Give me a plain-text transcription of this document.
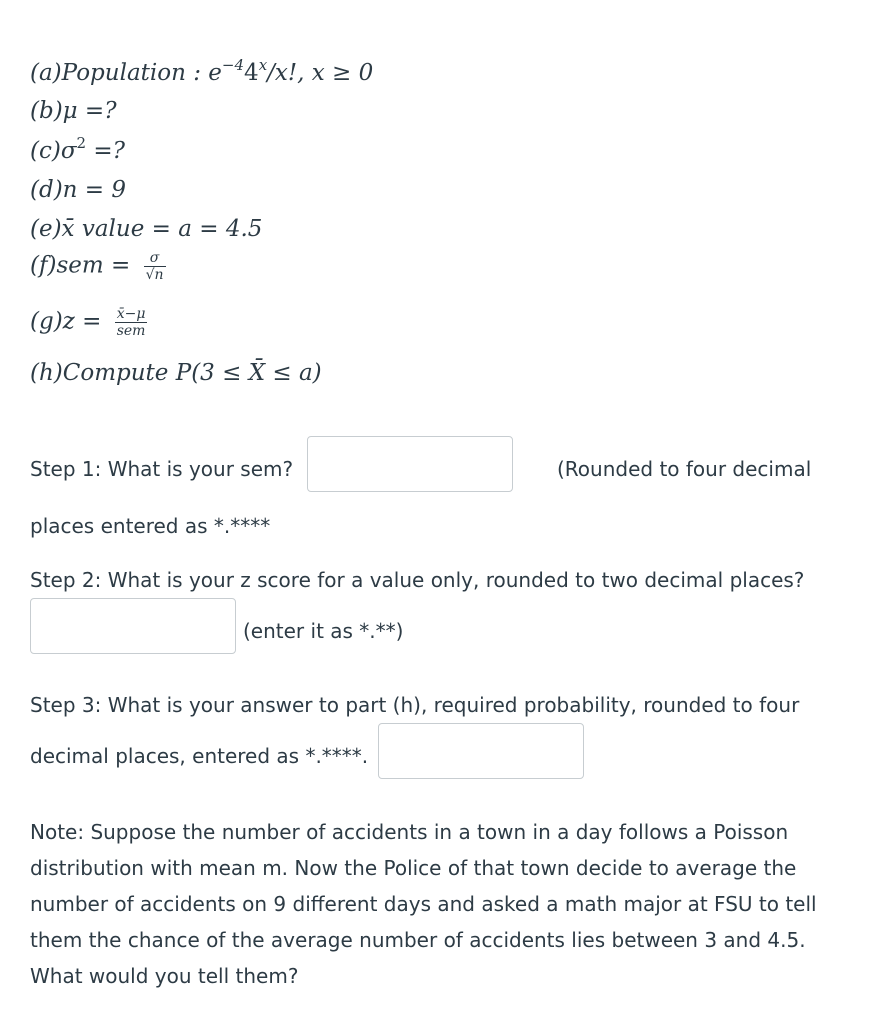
(a)Population : $e^{-4}4^x/x$!, x ≥ 0
(b)μ =?
$(c)\sigma^2$ =?
(d)n = 9
(e)x̄ value = a = 4.5
$(f)sem = \frac{\sigma}{√n}$
$(g)z = \frac{x̄-\mu}{\text{sem}}$
(h)Compute P(3 ≤ X̄ ≤ a)
Step 1: What is your sem?	(Rounded to four decimal
places entered as *.****
Step 2: What is your z score for a value only, rounded to two decimal places?
(enter it as *.**)
Step 3: What is your answer to part (h), required probability, rounded to four
decimal places, entered as *.****.
Note: Suppose the number of accidents in a town in a day follows a Poisson
distribution with mean m. Now the Police of that town decide to average the
number of accidents on 9 different days and asked a math major at FSU to tell
them the chance of the average number of accidents lies between 3 and 4.5.
What would you tell them?
